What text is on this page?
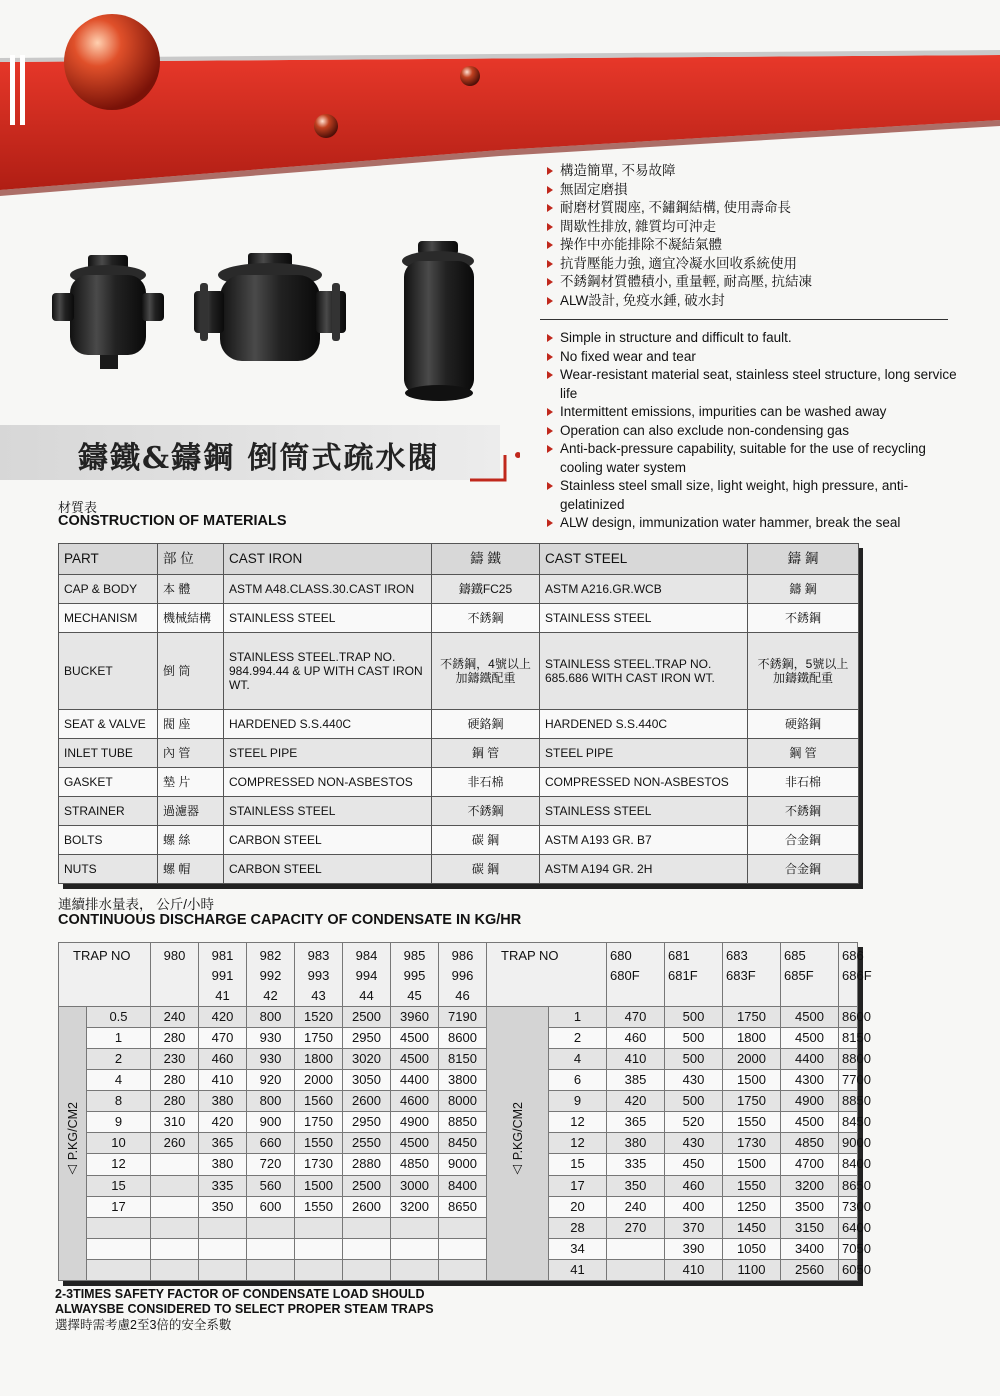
鑄鐵&鑄鋼 倒筒式疏水閥
構造簡單, 不易故障
無固定磨損
耐磨材質閥座, 不鏽鋼結構, 使用壽命長
間歇性排放, 雜質均可沖走
操作中亦能排除不凝結氣體
抗背壓能力強, 適宜冷凝水回收系統使用
不銹鋼材質體積小, 重量輕, 耐高壓, 抗結凍
ALW設計, 免疫水錘, 破水封
Simple in structure and difficult to fault.
No fixed wear and tear
Wear-resistant material seat, stainless steel structure, long service life
Intermittent emissions, impurities can be washed away
Operation can also exclude non-condensing gas
Anti-back-pressure capability, suitable for the use of recycling cooling water system
Stainless steel small size, light weight, high pressure, anti-gelatinized
ALW design, immunization water hammer, break the seal
材質表
CONSTRUCTION OF MATERIALS
PART	部 位	CAST IRON	鑄 鐵	CAST STEEL	鑄 鋼
CAP & BODY	本 體	ASTM A48.CLASS.30.CAST IRON	鑄鐵FC25	ASTM A216.GR.WCB	鑄 鋼
MECHANISM	機械結構	STAINLESS STEEL	不銹鋼	STAINLESS STEEL	不銹鋼
BUCKET	倒 筒	STAINLESS STEEL.TRAP NO. 984.994.44 & UP WITH CAST IRON WT.	不銹鋼，4號以上加鑄鐵配重	STAINLESS STEEL.TRAP NO. 685.686 WITH CAST IRON WT.	不銹鋼，5號以上加鑄鐵配重
SEAT & VALVE	閥 座	HARDENED S.S.440C	硬鉻鋼	HARDENED S.S.440C	硬鉻鋼
INLET TUBE	內 管	STEEL PIPE	鋼 管	STEEL PIPE	鋼 管
GASKET	墊 片	COMPRESSED NON-ASBESTOS	非石棉	COMPRESSED NON-ASBESTOS	非石棉
STRAINER	過濾器	STAINLESS STEEL	不銹鋼	STAINLESS STEEL	不銹鋼
BOLTS	螺 絲	CARBON STEEL	碳 鋼	ASTM A193 GR. B7	合金鋼
NUTS	螺 帽	CARBON STEEL	碳 鋼	ASTM A194 GR. 2H	合金鋼
連續排水量表， 公斤/小時
CONTINUOUS DISCHARGE CAPACITY OF CONDENSATE IN KG/HR
TRAP NO		980	981
991
41	982
992
42	983
993
43	984
994
44	985
995
45	986
996
46	TRAP NO		680
680F	681
681F	683
683F	685
685F	686
686F
△ P.KG/CM2	0.5	240	420	800	1520	2500	3960	7190	△ P.KG/CM2	1	470	500	1750	4500	8600
	1	280	470	930	1750	2950	4500	8600		2	460	500	1800	4500	8150
	2	230	460	930	1800	3020	4500	8150		4	410	500	2000	4400	8800
	4	280	410	920	2000	3050	4400	3800		6	385	430	1500	4300	7700
	8	280	380	800	1560	2600	4600	8000		9	420	500	1750	4900	8850
	9	310	420	900	1750	2950	4900	8850		12	365	520	1550	4500	8450
	10	260	365	660	1550	2550	4500	8450		12	380	430	1730	4850	9000
	12		380	720	1730	2880	4850	9000		15	335	450	1500	4700	8400
	15		335	560	1500	2500	3000	8400		17	350	460	1550	3200	8650
	17		350	600	1550	2600	3200	8650		20	240	400	1250	3500	7300
										28	270	370	1450	3150	6400
										34		390	1050	3400	7050
										41		410	1100	2560	6050
2-3TIMES SAFETY FACTOR OF CONDENSATE LOAD SHOULD
ALWAYSBE CONSIDERED TO SELECT PROPER STEAM TRAPS
選擇時需考慮2至3倍的安全系數
